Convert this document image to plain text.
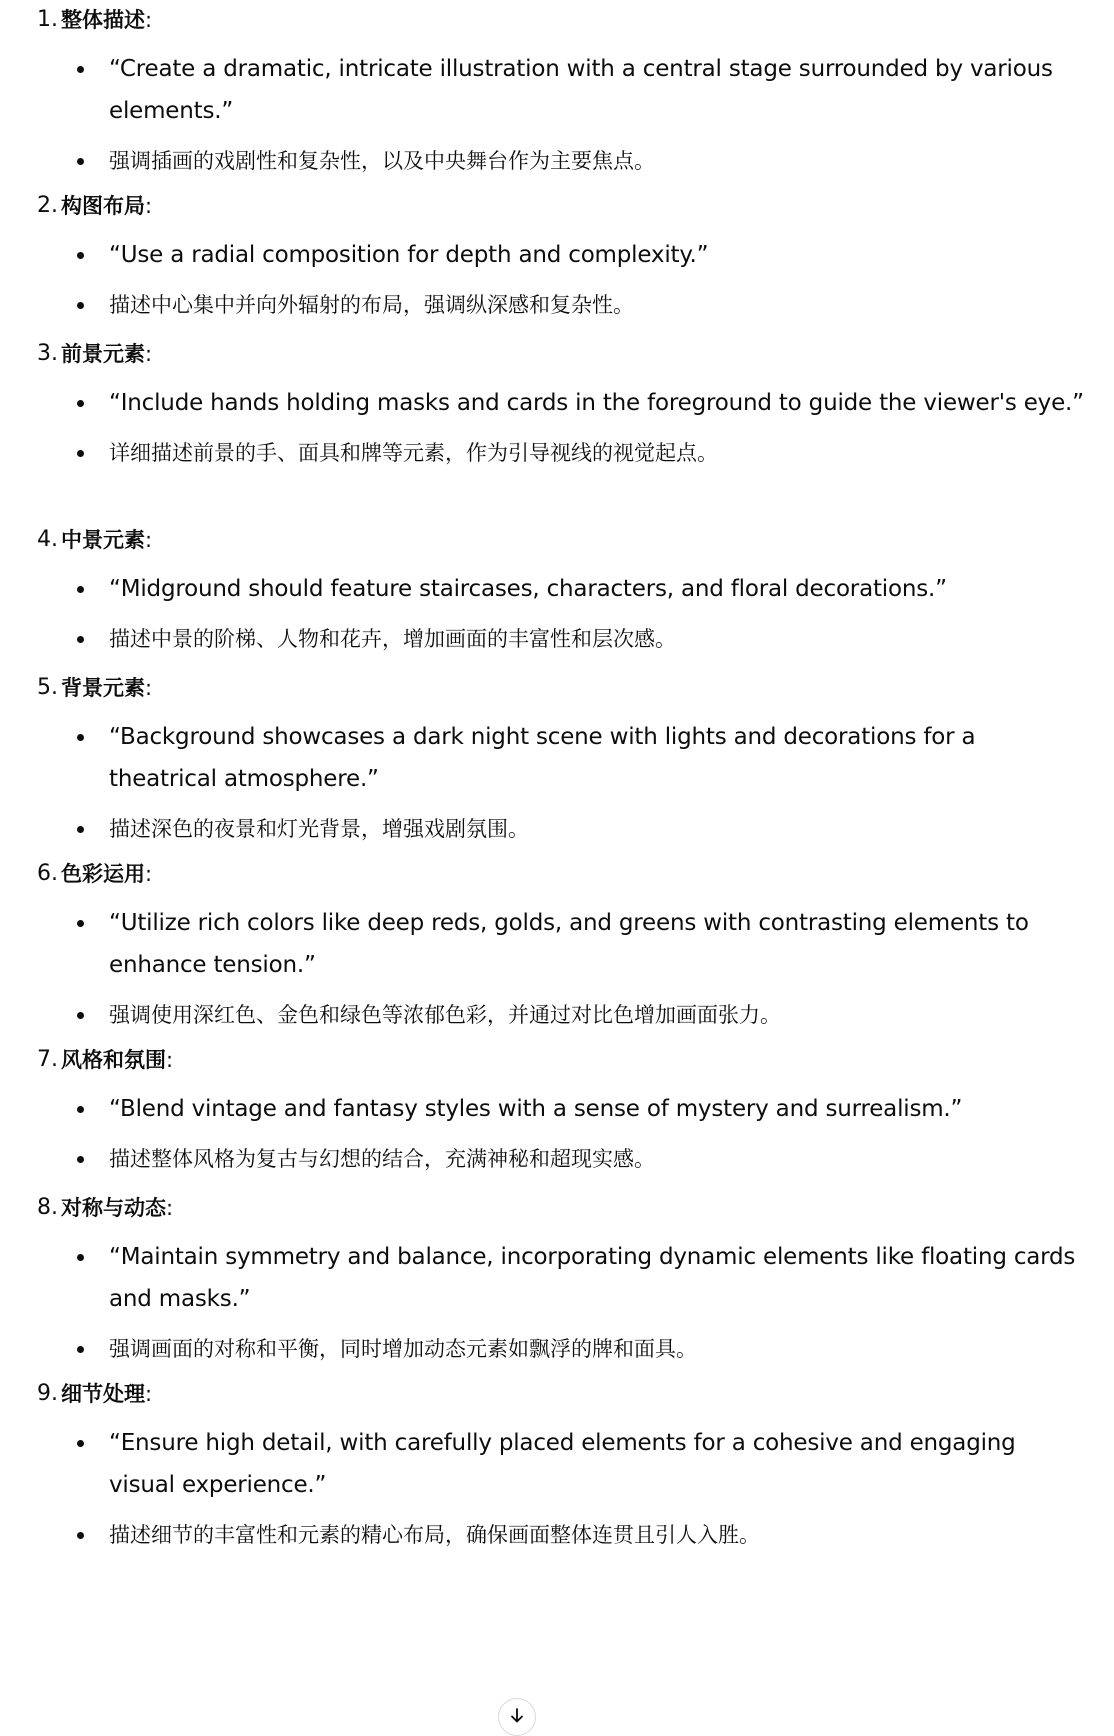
1. 整体描述:
“Create a dramatic, intricate illustration with a central stage surrounded by various elements.”
强调插画的戏剧性和复杂性，以及中央舞台作为主要焦点。
2. 构图布局:
“Use a radial composition for depth and complexity.”
描述中心集中并向外辐射的布局，强调纵深感和复杂性。
3. 前景元素:
“Include hands holding masks and cards in the foreground to guide the viewer's eye.”
详细描述前景的手、面具和牌等元素，作为引导视线的视觉起点。
4. 中景元素:
“Midground should feature staircases, characters, and floral decorations.”
描述中景的阶梯、人物和花卉，增加画面的丰富性和层次感。
5. 背景元素:
“Background showcases a dark night scene with lights and decorations for a theatrical atmosphere.”
描述深色的夜景和灯光背景，增强戏剧氛围。
6. 色彩运用:
“Utilize rich colors like deep reds, golds, and greens with contrasting elements to enhance tension.”
强调使用深红色、金色和绿色等浓郁色彩，并通过对比色增加画面张力。
7. 风格和氛围:
“Blend vintage and fantasy styles with a sense of mystery and surrealism.”
描述整体风格为复古与幻想的结合，充满神秘和超现实感。
8. 对称与动态:
“Maintain symmetry and balance, incorporating dynamic elements like floating cards and masks.”
强调画面的对称和平衡，同时增加动态元素如飘浮的牌和面具。
9. 细节处理:
“Ensure high detail, with carefully placed elements for a cohesive and engaging visual experience.”
描述细节的丰富性和元素的精心布局，确保画面整体连贯且引人入胜。
